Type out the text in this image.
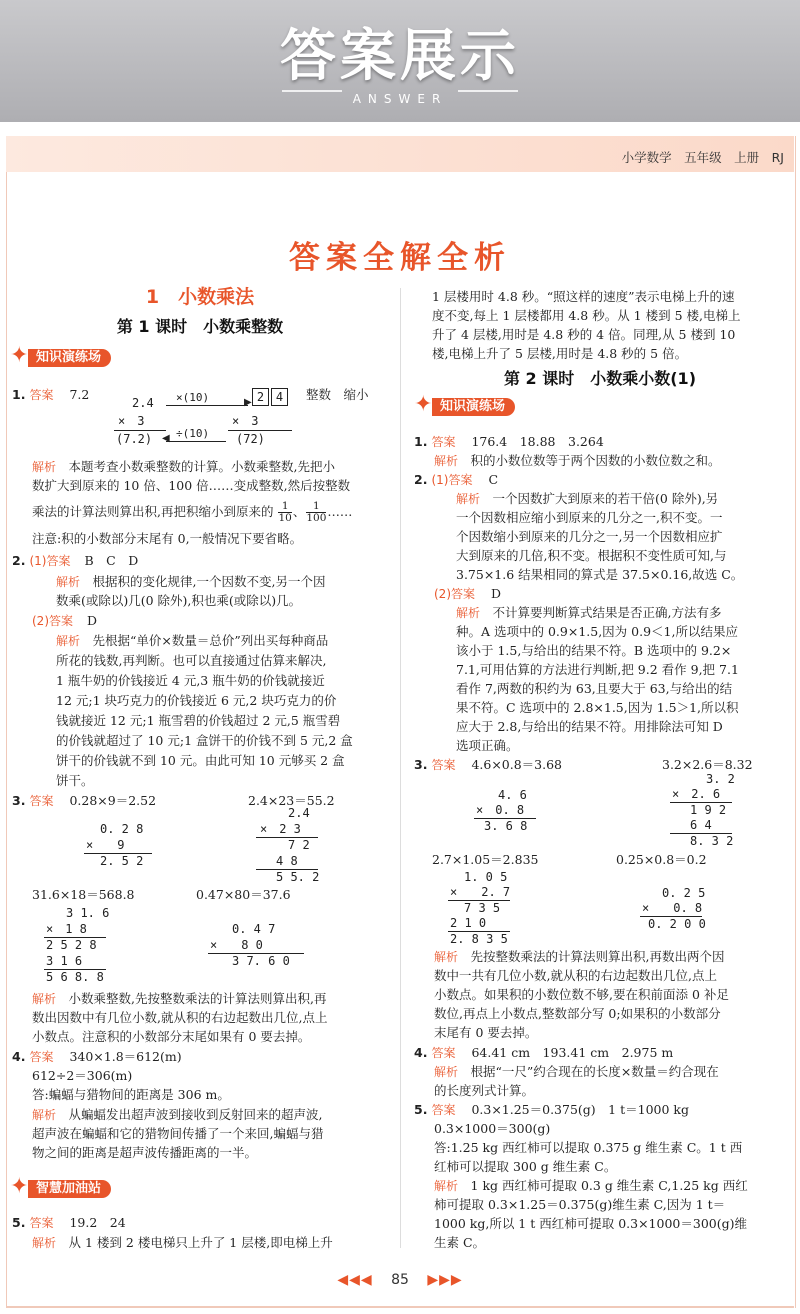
答案展示
ANSWER
小学数学　五年级　上册　RJ
答案全解全析
1　小数乘法
第 1 课时　小数乘整数
✦ 知识演练场
1. 答案 7.2
2.4 ×(10)	▶ 2 4	整数　缩小
×　3	×　3
(7.2) ÷(10)
◀	(72)
解析　 本题考查小数乘整数的计算。小数乘整数,先把小
数扩大到原来的 10 倍、100 倍……变成整数,然后按整数
乘法的计算法则算出积,再把积缩小到原来的 $\frac{1}{10}$ 、 $\frac{1}{100}$ ……
注意:积的小数部分末尾有 0,一般情况下要省略。
2. (1)答案 B　C　D
解析　 根据积的变化规律,一个因数不变,另一个因
数乘(或除以)几(0 除外),积也乘(或除以)几。
(2)答案 D
解析　 先根据“单价×数量＝总价”列出买每种商品
所花的钱数,再判断。也可以直接通过估算来解决,
1 瓶牛奶的价钱接近 4 元,3 瓶牛奶的价钱就接近
12 元;1 块巧克力的价钱接近 6 元,2 块巧克力的价
钱就接近 12 元;1 瓶雪碧的价钱超过 2 元,5 瓶雪碧
的价钱就超过了 10 元;1 盒饼干的价钱不到 5 元,2 盒
饼干的价钱就不到 10 元。由此可知 10 元够买 2 盒
饼干。
3. 答案 0.28×9＝2.52	2.4×23＝55.2
0. 2 8
×　　9
2. 5 2
2.4
×　2 3
7 2
4 8
5 5. 2
31.6×18＝568.8	0.47×80＝37.6
3 1. 6
×　1 8
2 5 2 8
3 1 6
5 6 8. 8
0. 4 7
×　　8 0
3 7. 6 0
解析　 小数乘整数,先按整数乘法的计算法则算出积,再
数出因数中有几位小数,就从积的右边起数出几位,点上
小数点。注意积的小数部分末尾如果有 0 要去掉。
4. 答案 340×1.8＝612(m)
612÷2＝306(m)
答:蝙蝠与猎物间的距离是 306 m。
解析　 从蝙蝠发出超声波到接收到反射回来的超声波,
超声波在蝙蝠和它的猎物间传播了一个来回,蝙蝠与猎
物之间的距离是超声波传播距离的一半。
✦ 智慧加油站
5. 答案 19.2　24
解析　 从 1 楼到 2 楼电梯只上升了 1 层楼,即电梯上升
1 层楼用时 4.8 秒。“照这样的速度”表示电梯上升的速
度不变,每上 1 层楼都用 4.8 秒。从 1 楼到 5 楼,电梯上
升了 4 层楼,用时是 4.8 秒的 4 倍。同理,从 5 楼到 10
楼,电梯上升了 5 层楼,用时是 4.8 秒的 5 倍。
第 2 课时　小数乘小数(1)
✦ 知识演练场
1. 答案 176.4　18.88　3.264
解析　 积的小数位数等于两个因数的小数位数之和。
2. (1)答案 C
解析　 一个因数扩大到原来的若干倍(0 除外),另
一个因数相应缩小到原来的几分之一,积不变。一
个因数缩小到原来的几分之一,另一个因数相应扩
大到原来的几倍,积不变。根据积不变性质可知,与
3.75×1.6 结果相同的算式是 37.5×0.16,故选 C。
(2)答案 D
解析　 不计算要判断算式结果是否正确,方法有多
种。A 选项中的 0.9×1.5,因为 0.9＜1,所以结果应
该小于 1.5,与给出的结果不符。B 选项中的 9.2×
7.1,可用估算的方法进行判断,把 9.2 看作 9,把 7.1
看作 7,两数的积约为 63,且要大于 63,与给出的结
果不符。C 选项中的 2.8×1.5,因为 1.5＞1,所以积
应大于 2.8,与给出的结果不符。用排除法可知 D
选项正确。
3. 答案 4.6×0.8＝3.68	3.2×2.6＝8.32
4. 6
×　0. 8
3. 6 8
3. 2
×　2. 6
1 9 2
6 4
8. 3 2
2.7×1.05＝2.835	0.25×0.8＝0.2
1. 0 5
×　　2. 7
7 3 5
2 1 0
2. 8 3 5
0. 2 5
×　　0. 8
0. 2 0 0
解析　 先按整数乘法的计算法则算出积,再数出两个因
数中一共有几位小数,就从积的右边起数出几位,点上
小数点。如果积的小数位数不够,要在积前面添 0 补足
数位,再点上小数点,整数部分写 0;如果积的小数部分
末尾有 0 要去掉。
4. 答案 64.41 cm　193.41 cm　2.975 m
解析　 根据“一尺”约合现在的长度×数量＝约合现在
的长度列式计算。
5. 答案 0.3×1.25＝0.375(g)　1 t＝1000 kg
0.3×1000＝300(g)
答:1.25 kg 西红柿可以提取 0.375 g 维生素 C。1 t 西
红柿可以提取 300 g 维生素 C。
解析　 1 kg 西红柿可提取 0.3 g 维生素 C,1.25 kg 西红
柿可提取 0.3×1.25＝0.375(g)维生素 C,因为 1 t＝
1000 kg,所以 1 t 西红柿可提取 0.3×1000＝300(g)维
生素 C。
◀◀◀ 85 ▶▶▶
